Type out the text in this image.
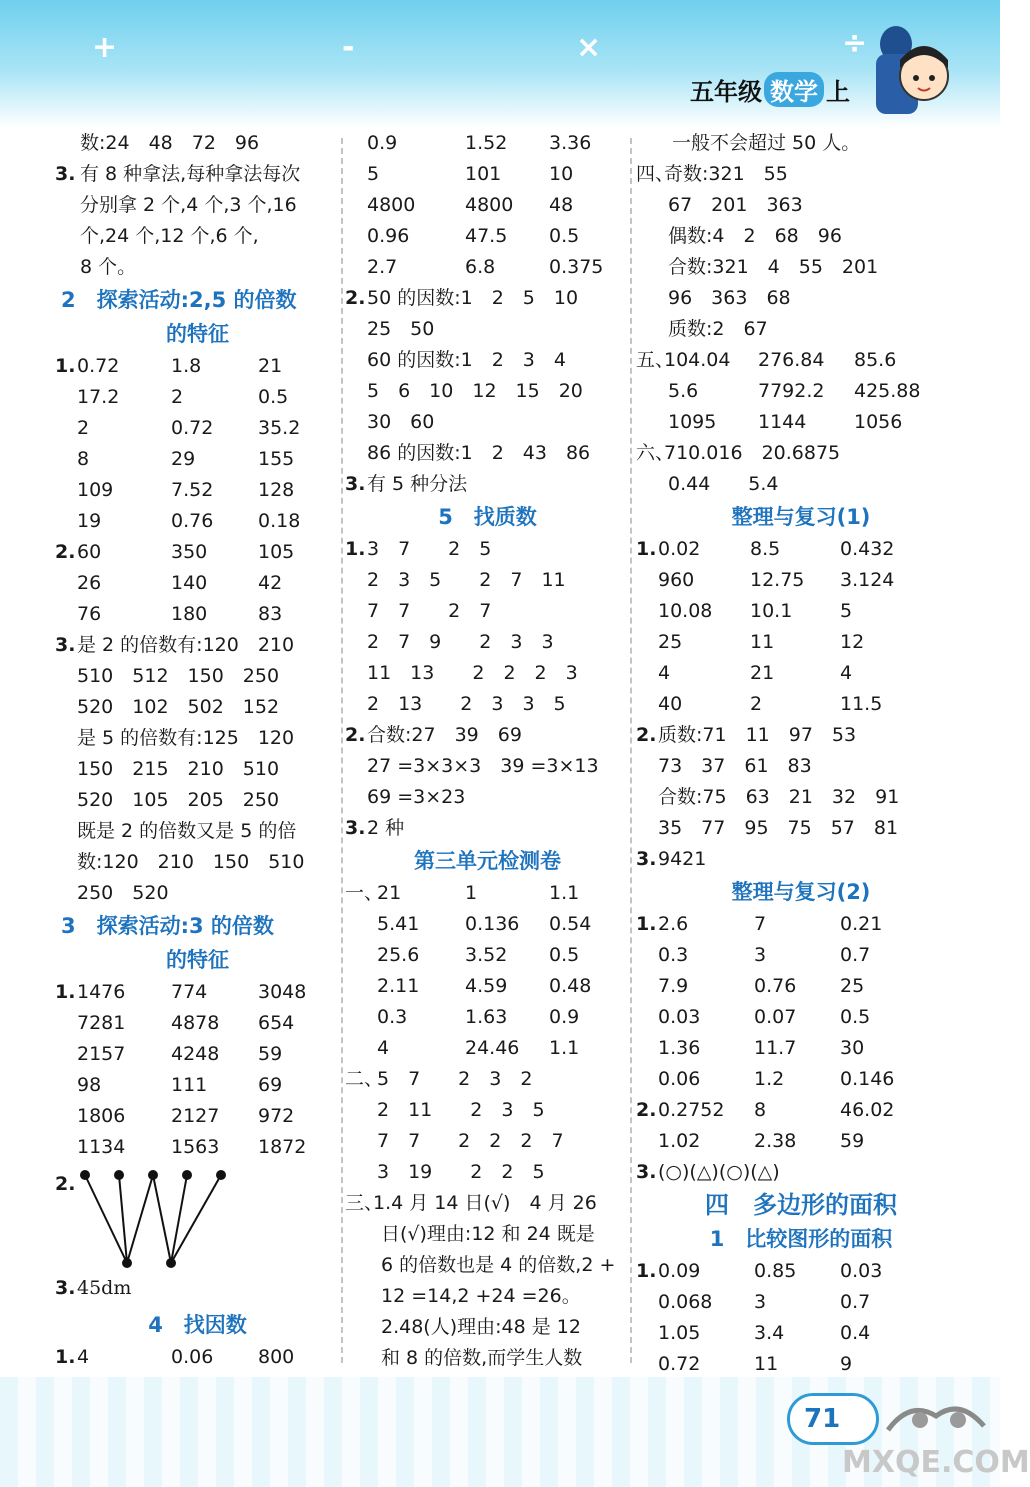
+	-	×	÷
五年级 数学 上
数:24　48　72　96
3. 有 8 种拿法,每种拿法每次
分别拿 2 个,4 个,3 个,16
个,24 个,12 个,6 个,
8 个。
2　探索活动:2,5 的倍数
的特征
1. 0.72	1.8	21
17.2	2	0.5
2	0.72 35.2
8	29	155
109	7.52 128
19	0.76 0.18
2. 60	350	105
26	140	42
76	180	83
3. 是 2 的倍数有:120　210
510　512　150　250
520　102　502　152
是 5 的倍数有:125　120
150　215　210　510
520　105　205　250
既是 2 的倍数又是 5 的倍
数:120　210　150　510
250　520
3　探索活动:3 的倍数
的特征
1. 1476 774	3048
7281 4878 654
2157 4248 59
98	111	69
1806 2127 972
1134 1563 1872
2.
3. 45dm
4　找因数
1. 4	0.06 800
0.9	1.52 3.36
5	101	10
4800	4800 48
0.96	47.5 0.5
2.7	6.8	0.375
2. 50 的因数:1　2　5　10
25　50
60 的因数:1　2　3　4
5　6　10　12　15　20
30　60
86 的因数:1　2　43　86
3. 有 5 种分法
5　找质数
1. 3　7　　2　5
2　3　5　　2　7　11
7　7　　2　7
2　7　9　　2　3　3
11　13　　2　2　2　3
2　13　　2　3　3　5
2. 合数:27　39　69
27 =3×3×3　39 =3×13
69 =3×23
3. 2 种
第三单元检测卷
一、
21	1	1.1
5.41 0.136 0.54
25.6 3.52 0.5
2.11 4.59 0.48
0.3	1.63 0.9
4	24.46 1.1
二、
5　7　　2　3　2
2　11　　2　3　5
7　7　　2　2　2　7
3　19　　2　2　5
三、
1.4 月 14 日(√)　4 月 26
日(√)理由:12 和 24 既是
6 的倍数也是 4 的倍数,2 +
12 =14,2 +24 =26。
2.48(人)理由:48 是 12
和 8 的倍数,而学生人数
一般不会超过 50 人。
四、
奇数:321　55
67　201　363
偶数:4　2　68　96
合数:321　4　55　201
96　363　68
质数:2　67
五、
104.04 276.84 85.6
5.6	7792.2 425.88
1095 1144	1056
六、
710.016　20.6875
0.44　　5.4
整理与复习(1)
1. 0.02	8.5	0.432
960	12.75 3.124
10.08 10.1	5
25	11	12
4	21	4
40	2	11.5
2. 质数:71　11　97　53
73　37　61　83
合数:75　63　21　32　91
35　77　95　75　57　81
3. 9421
整理与复习(2)
1. 2.6	7	0.21
0.3	3	0.7
7.9	0.76 25
0.03	0.07 0.5
1.36	11.7 30
0.06	1.2	0.146
2. 0.2752 8	46.02
1.02	2.38 59
3. (○)(△)(○)(△)
四　多边形的面积
1　比较图形的面积
1. 0.09	0.85 0.03
0.068 3	0.7
1.05	3.4	0.4
0.72	11	9
71
MXQE.COM
